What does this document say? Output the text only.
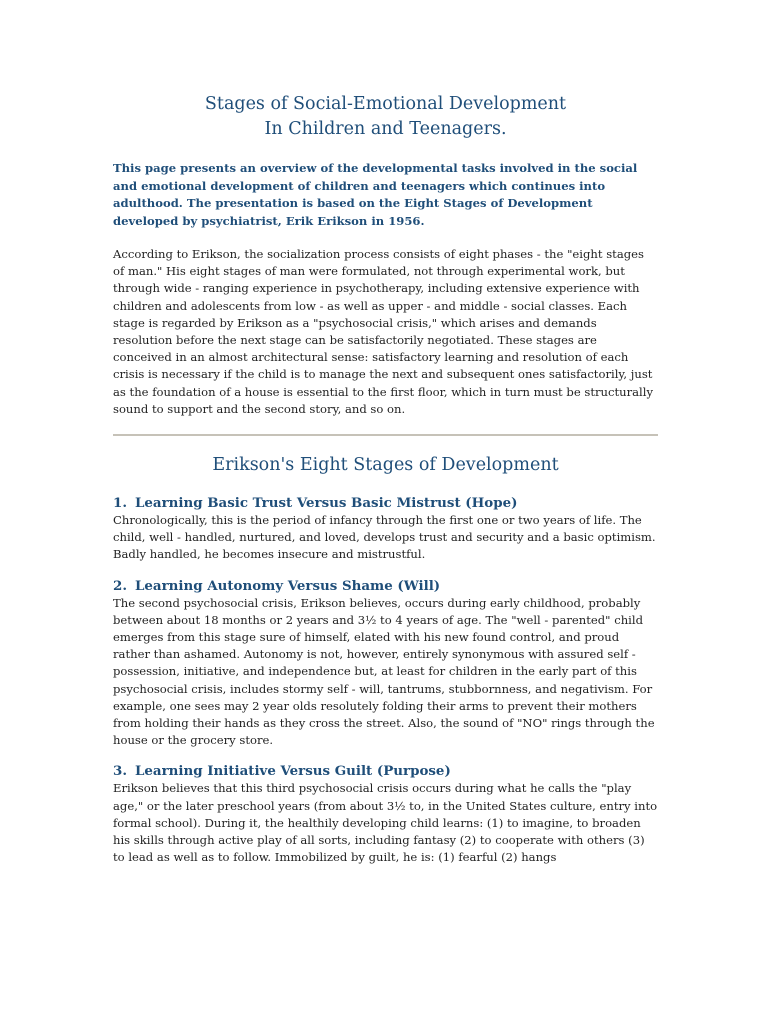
Stages of Social-Emotional Development
In Children and Teenagers.

This page presents an overview of the developmental tasks involved in the social and emotional development of children and teenagers which continues into adulthood. The presentation is based on the Eight Stages of Development developed by psychiatrist, Erik Erikson in 1956.

According to Erikson, the socialization process consists of eight phases - the "eight stages of man." His eight stages of man were formulated, not through experimental work, but through wide - ranging experience in psychotherapy, including extensive experience with children and adolescents from low - as well as upper - and middle - social classes. Each stage is regarded by Erikson as a "psychosocial crisis," which arises and demands resolution before the next stage can be satisfactorily negotiated. These stages are conceived in an almost architectural sense: satisfactory learning and resolution of each crisis is necessary if the child is to manage the next and subsequent ones satisfactorily, just as the foundation of a house is essential to the first floor, which in turn must be structurally sound to support and the second story, and so on.

Erikson's Eight Stages of Development
1. Learning Basic Trust Versus Basic Mistrust (Hope)

Chronologically, this is the period of infancy through the first one or two years of life. The child, well - handled, nurtured, and loved, develops trust and security and a basic optimism. Badly handled, he becomes insecure and mistrustful.

2. Learning Autonomy Versus Shame (Will)

The second psychosocial crisis, Erikson believes, occurs during early childhood, probably between about 18 months or 2 years and 3½ to 4 years of age. The "well - parented" child emerges from this stage sure of himself, elated with his new found control, and proud rather than ashamed. Autonomy is not, however, entirely synonymous with assured self - possession, initiative, and independence but, at least for children in the early part of this psychosocial crisis, includes stormy self - will, tantrums, stubbornness, and negativism. For example, one sees may 2 year olds resolutely folding their arms to prevent their mothers from holding their hands as they cross the street. Also, the sound of "NO" rings through the house or the grocery store.

3. Learning Initiative Versus Guilt (Purpose)

Erikson believes that this third psychosocial crisis occurs during what he calls the "play age," or the later preschool years (from about 3½ to, in the United States culture, entry into formal school). During it, the healthily developing child learns: (1) to imagine, to broaden his skills through active play of all sorts, including fantasy (2) to cooperate with others (3) to lead as well as to follow. Immobilized by guilt, he is: (1) fearful (2) hangs
